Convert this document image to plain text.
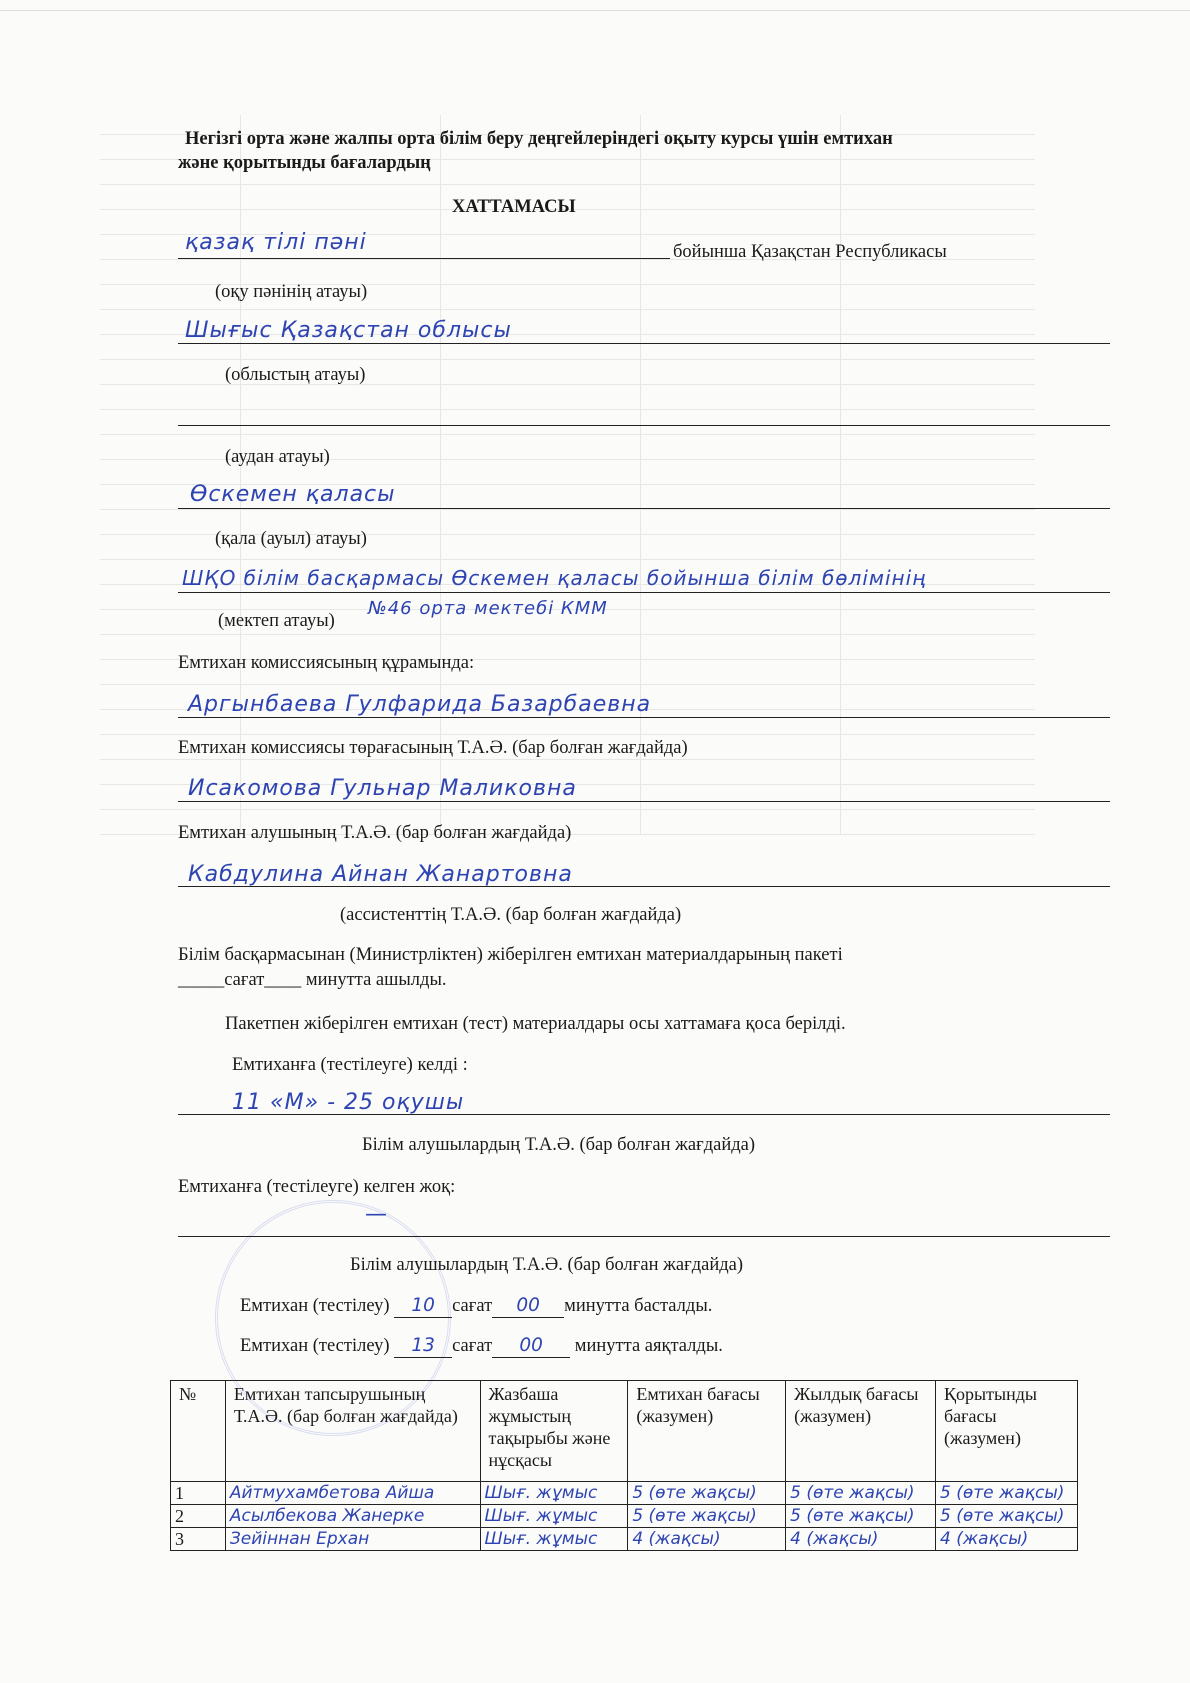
Негізгі орта және жалпы орта білім беру деңгейлеріндегі оқыту курсы үшін емтихан
және қорытынды бағалардың
ХАТТАМАСЫ
қазақ тілі пәні	бойынша Қазақстан Республикасы
(оқу пәнінің атауы)
Шығыс Қазақстан облысы
(облыстың атауы)
(аудан атауы)
Өскемен қаласы
(қала (ауыл) атауы)
ШҚО білім басқармасы Өскемен қаласы бойынша білім бөлімінің
(мектеп атауы)
№46 орта мектебі КММ
Емтихан комиссиясының құрамында:
Аргынбаева Гулфарида Базарбаевна
Емтихан комиссиясы төрағасының Т.А.Ә. (бар болған жағдайда)
Исакомова Гульнар Маликовна
Емтихан алушының Т.А.Ә. (бар болған жағдайда)
Кабдулина Айнан Жанартовна
(ассистенттің Т.А.Ә. (бар болған жағдайда)
Білім басқармасынан (Министрліктен) жіберілген емтихан материалдарының пакеті
_____сағат____ минутта ашылды.
Пакетпен жіберілген емтихан (тест) материалдары осы хаттамаға қоса берілді.
Емтиханға (тестілеуге) келді :
11 «М» - 25 оқушы
Білім алушылардың Т.А.Ә. (бар болған жағдайда)
Емтиханға (тестілеуге) келген жоқ:
—
Білім алушылардың Т.А.Ә. (бар болған жағдайда)
Емтихан (тестілеу) 10 сағат 00 минутта басталды.
Емтихан (тестілеу) 13 сағат 00 минутта аяқталды.
№	Емтихан тапсырушының Т.А.Ә. (бар болған жағдайда)	Жазбаша жұмыстың тақырыбы және нұсқасы	Емтихан бағасы (жазумен)	Жылдық бағасы (жазумен)	Қорытынды бағасы (жазумен)
1	Айтмухамбетова Айша	Шығ. жұмыс	5 (өте жақсы)	5 (өте жақсы)	5 (өте жақсы)
2	Асылбекова Жанерке	Шығ. жұмыс	5 (өте жақсы)	5 (өте жақсы)	5 (өте жақсы)
3	Зейіннан Ерхан	Шығ. жұмыс	4 (жақсы)	4 (жақсы)	4 (жақсы)
